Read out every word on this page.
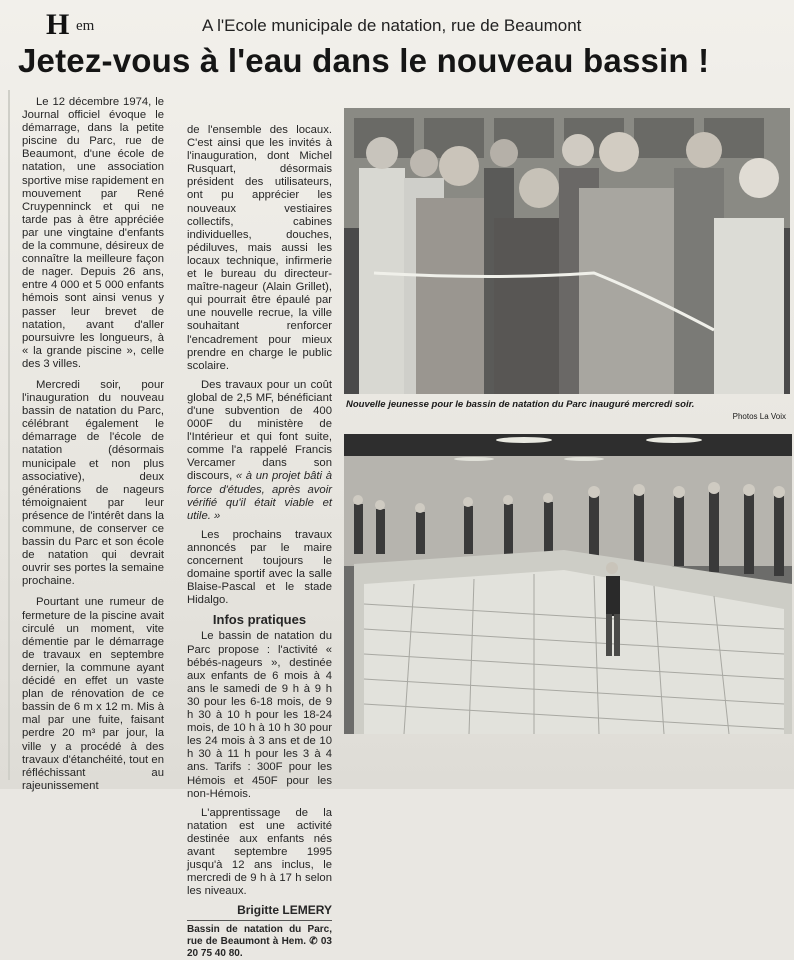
H em	A l'Ecole municipale de natation, rue de Beaumont
Jetez-vous à l'eau dans le nouveau bassin !

Le 12 décembre 1974, le Journal officiel évoque le démarrage, dans la petite piscine du Parc, rue de Beaumont, d'une école de natation, une association sportive mise rapidement en mouvement par René Cruypenninck et qui ne tarde pas à être appréciée par une vingtaine d'enfants de la commune, désireux de connaître la meilleure façon de nager. Depuis 26 ans, entre 4 000 et 5 000 enfants hémois sont ainsi venus y passer leur brevet de natation, avant d'aller poursuivre les longueurs, à « la grande piscine », celle des 3 villes.

Mercredi soir, pour l'inauguration du nouveau bassin de natation du Parc, célébrant également le démarrage de l'école de natation (désormais municipale et non plus associative), deux générations de nageurs témoignaient par leur présence de l'intérêt dans la commune, de conserver ce bassin du Parc et son école de natation qui devrait ouvrir ses portes la semaine prochaine.

Pourtant une rumeur de fermeture de la piscine avait circulé un moment, vite démentie par le démarrage de travaux en septembre dernier, la commune ayant décidé en effet un vaste plan de rénovation de ce bassin de 6 m x 12 m. Mis à mal par une fuite, faisant perdre 20 m³ par jour, la ville y a procédé à des travaux d'étanchéité, tout en réfléchissant au rajeunissement

de l'ensemble des locaux. C'est ainsi que les invités à l'inauguration, dont Michel Rusquart, désormais président des utilisateurs, ont pu apprécier les nouveaux vestiaires collectifs, cabines individuelles, douches, pédiluves, mais aussi les locaux technique, infirmerie et le bureau du directeur-maître-nageur (Alain Grillet), qui pourrait être épaulé par une nouvelle recrue, la ville souhaitant renforcer l'encadrement pour mieux prendre en charge le public scolaire.

Des travaux pour un coût global de 2,5 MF, bénéficiant d'une subvention de 400 000F du ministère de l'Intérieur et qui font suite, comme l'a rappelé Francis Vercamer dans son discours, « à un projet bâti à force d'études, après avoir vérifié qu'il était viable et utile. »

Les prochains travaux annoncés par le maire concernent toujours le domaine sportif avec la salle Blaise-Pascal et le stade Hidalgo.

Infos pratiques

Le bassin de natation du Parc propose : l'activité « bébés-nageurs », destinée aux enfants de 6 mois à 4 ans le samedi de 9 h à 9 h 30 pour les 6-18 mois, de 9 h 30 à 10 h pour les 18-24 mois, de 10 h à 10 h 30 pour les 24 mois à 3 ans et de 10 h 30 à 11 h pour les 3 à 4 ans. Tarifs : 300F pour les Hémois et 450F pour les non-Hémois.

L'apprentissage de la natation est une activité destinée aux enfants nés avant septembre 1995 jusqu'à 12 ans inclus, le mercredi de 9 h à 17 h selon les niveaux.

Brigitte LEMERY
Bassin de natation du Parc, rue de Beaumont à Hem. ✆ 03 20 75 40 80.
Nouvelle jeunesse pour le bassin de natation du Parc inauguré mercredi soir.
Photos La Voix
